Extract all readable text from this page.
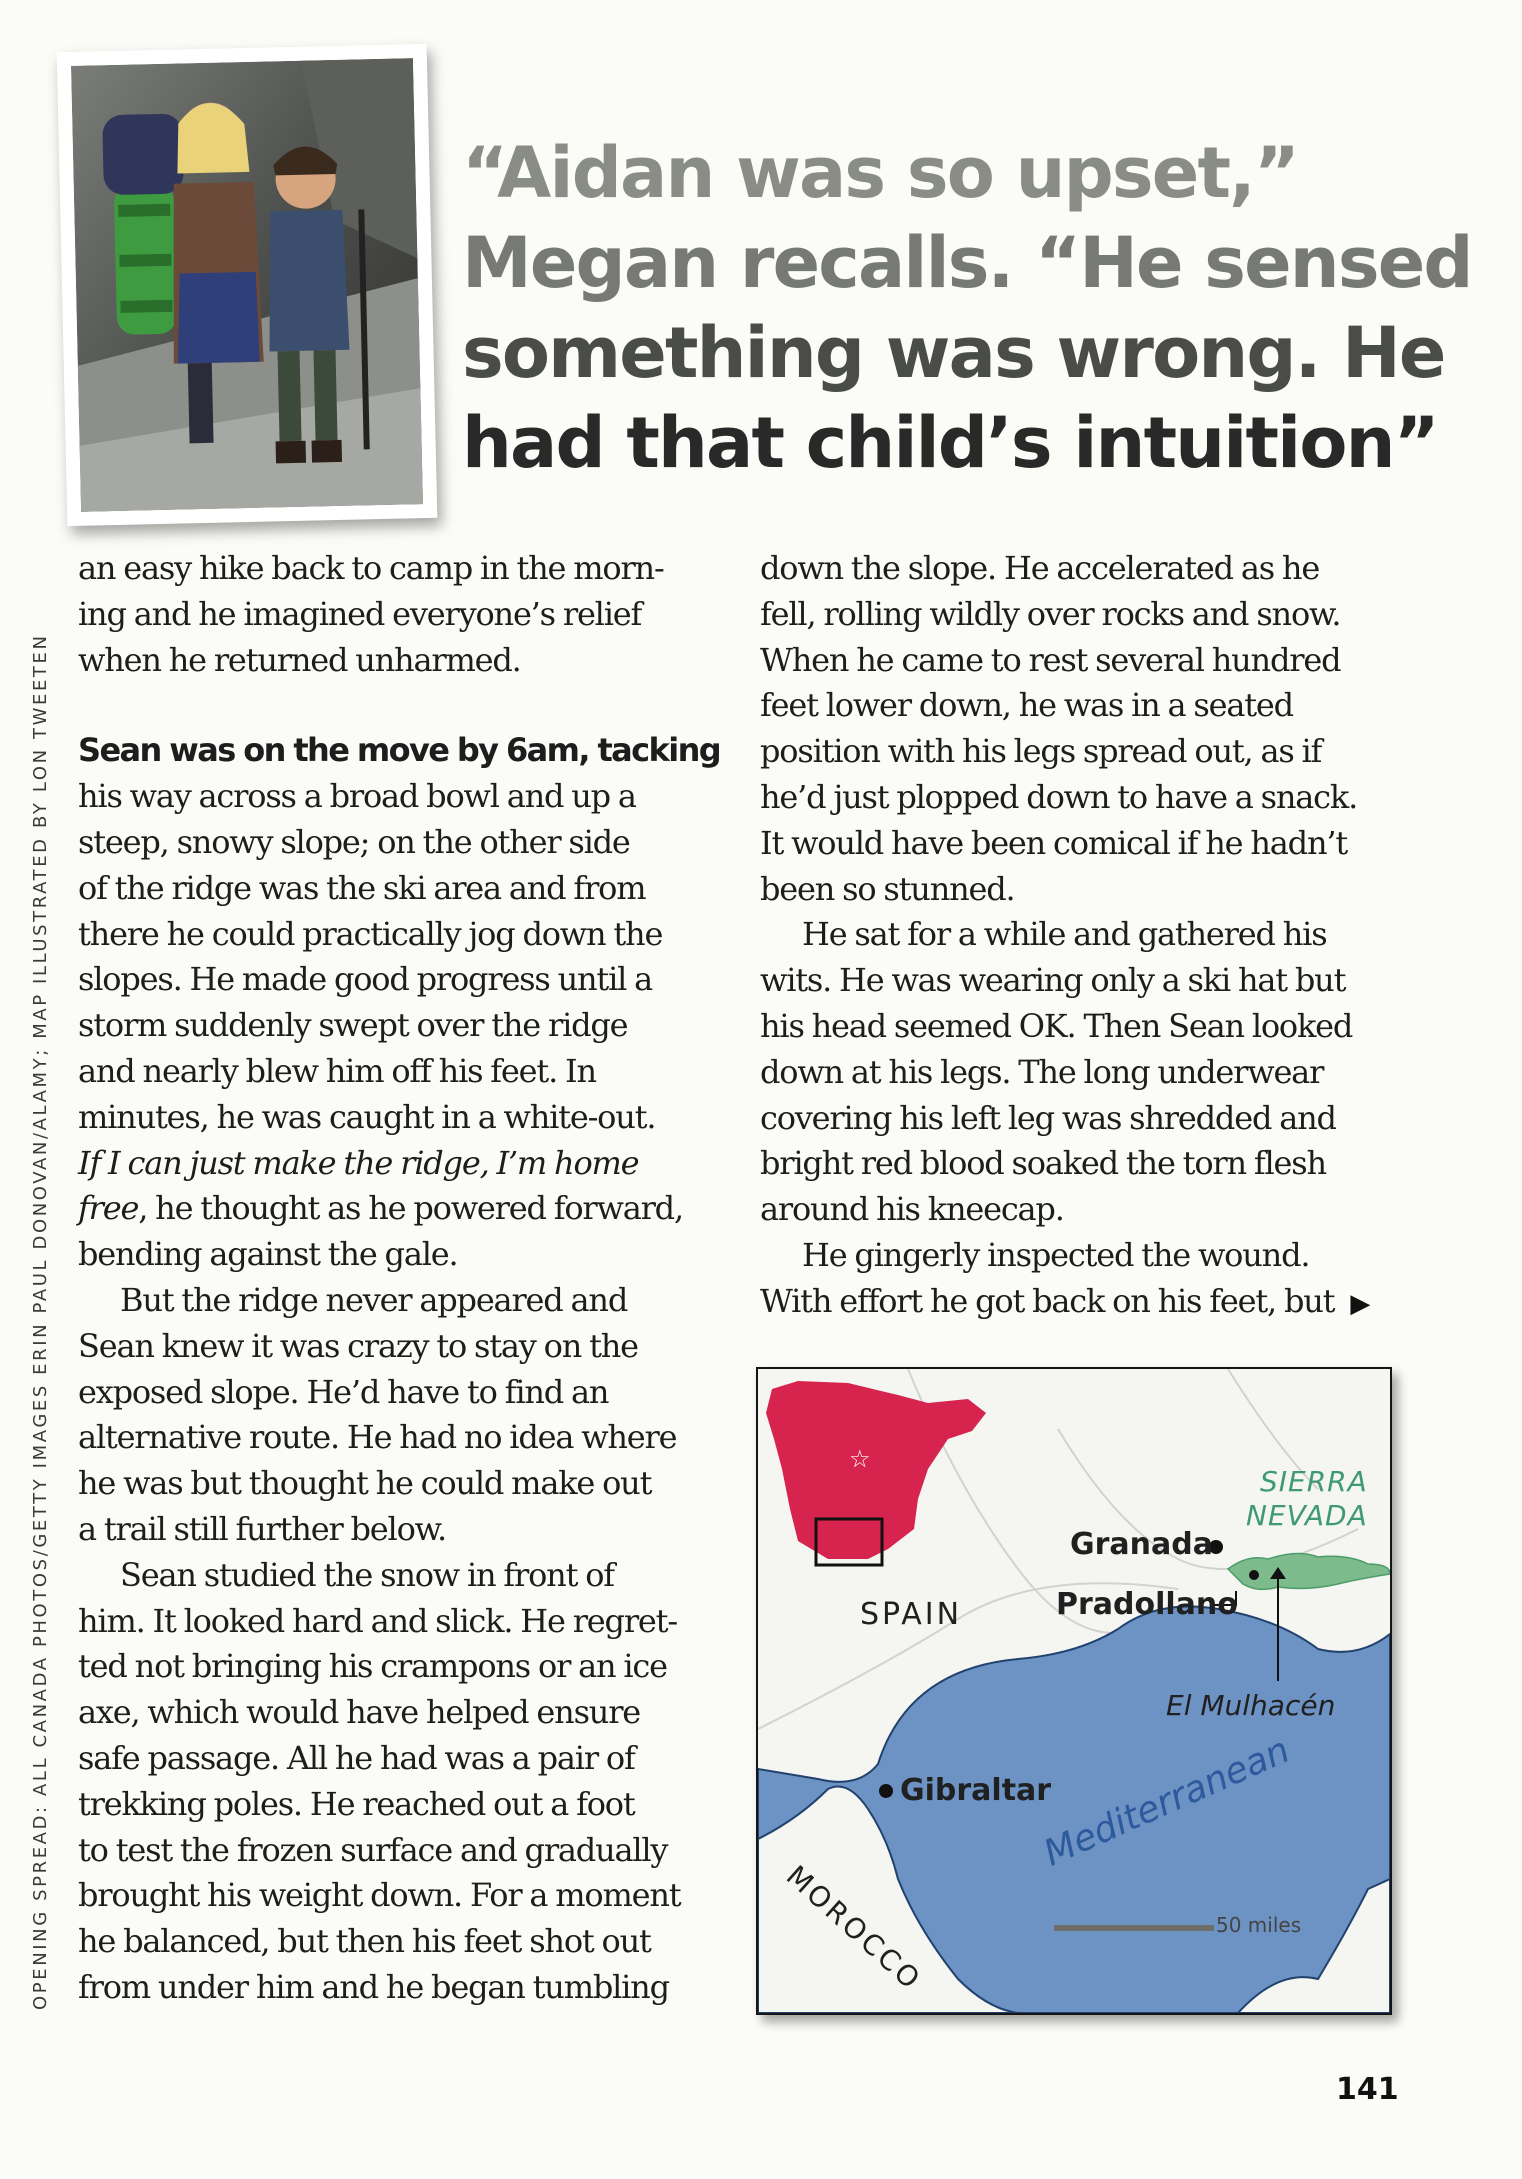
OPENING SPREAD: ALL CANADA PHOTOS/GETTY IMAGES ERIN PAUL DONOVAN/ALAMY; MAP ILLUSTRATED BY LON TWEETEN
“Aidan was so upset,”
Megan recalls. “He sensed
something was wrong. He
had that child’s intuition”

an easy hike back to camp in the morn-
ing and he imagined everyone’s relief
when he returned unharmed.

Sean was on the move by 6am, tacking
his way across a broad bowl and up a
steep, snowy slope; on the other side
of the ridge was the ski area and from
there he could practically jog down the
slopes. He made good progress until a
storm suddenly swept over the ridge
and nearly blew him off his feet. In
minutes, he was caught in a white-out.
If I can just make the ridge, I’m home
free, he thought as he powered forward,
bending against the gale.

But the ridge never appeared and
Sean knew it was crazy to stay on the
exposed slope. He’d have to find an
alternative route. He had no idea where
he was but thought he could make out
a trail still further below.

Sean studied the snow in front of
him. It looked hard and slick. He regret-
ted not bringing his crampons or an ice
axe, which would have helped ensure
safe passage. All he had was a pair of
trekking poles. He reached out a foot
to test the frozen surface and gradually
brought his weight down. For a moment
he balanced, but then his feet shot out
from under him and he began tumbling

down the slope. He accelerated as he
fell, rolling wildly over rocks and snow.
When he came to rest several hundred
feet lower down, he was in a seated
position with his legs spread out, as if
he’d just plopped down to have a snack.
It would have been comical if he hadn’t
been so stunned.

He sat for a while and gathered his
wits. He was wearing only a ski hat but
his head seemed OK. Then Sean looked
down at his legs. The long underwear
covering his left leg was shredded and
bright red blood soaked the torn flesh
around his kneecap.

He gingerly inspected the wound.
With effort he got back on his feet, but ▶

☆
SIERRA
NEVADA
Granada
Pradollano
SPAIN
El Mulhacén
Gibraltar
Mediterranean
MOROCCO	50 miles
141
